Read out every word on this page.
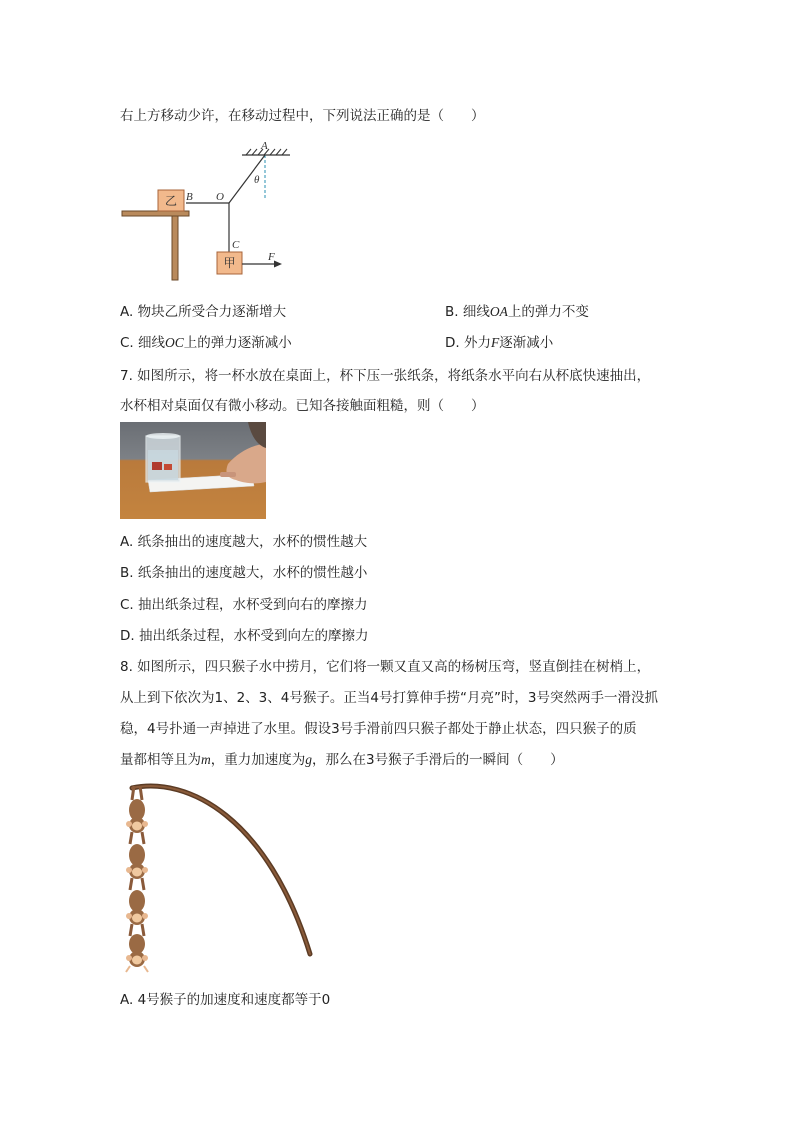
右上方移动少许，在移动过程中，下列说法正确的是（　　）
乙
甲
A
B O
C
F
θ
A. 物块乙所受合力逐渐增大	B. 细线OA上的弹力不变
C. 细线OC上的弹力逐渐减小	D. 外力F逐渐减小
7. 如图所示，将一杯水放在桌面上，杯下压一张纸条，将纸条水平向右从杯底快速抽出，
水杯相对桌面仅有微小移动。已知各接触面粗糙，则（　　）
A. 纸条抽出的速度越大，水杯的惯性越大
B. 纸条抽出的速度越大，水杯的惯性越小
C. 抽出纸条过程，水杯受到向右的摩擦力
D. 抽出纸条过程，水杯受到向左的摩擦力
8. 如图所示，四只猴子水中捞月，它们将一颗又直又高的杨树压弯，竖直倒挂在树梢上，
从上到下依次为1、2、3、4号猴子。正当4号打算伸手捞“月亮”时，3号突然两手一滑没抓
稳，4号扑通一声掉进了水里。假设3号手滑前四只猴子都处于静止状态，四只猴子的质
量都相等且为m，重力加速度为g，那么在3号猴子手滑后的一瞬间（　　）
A. 4号猴子的加速度和速度都等于0
